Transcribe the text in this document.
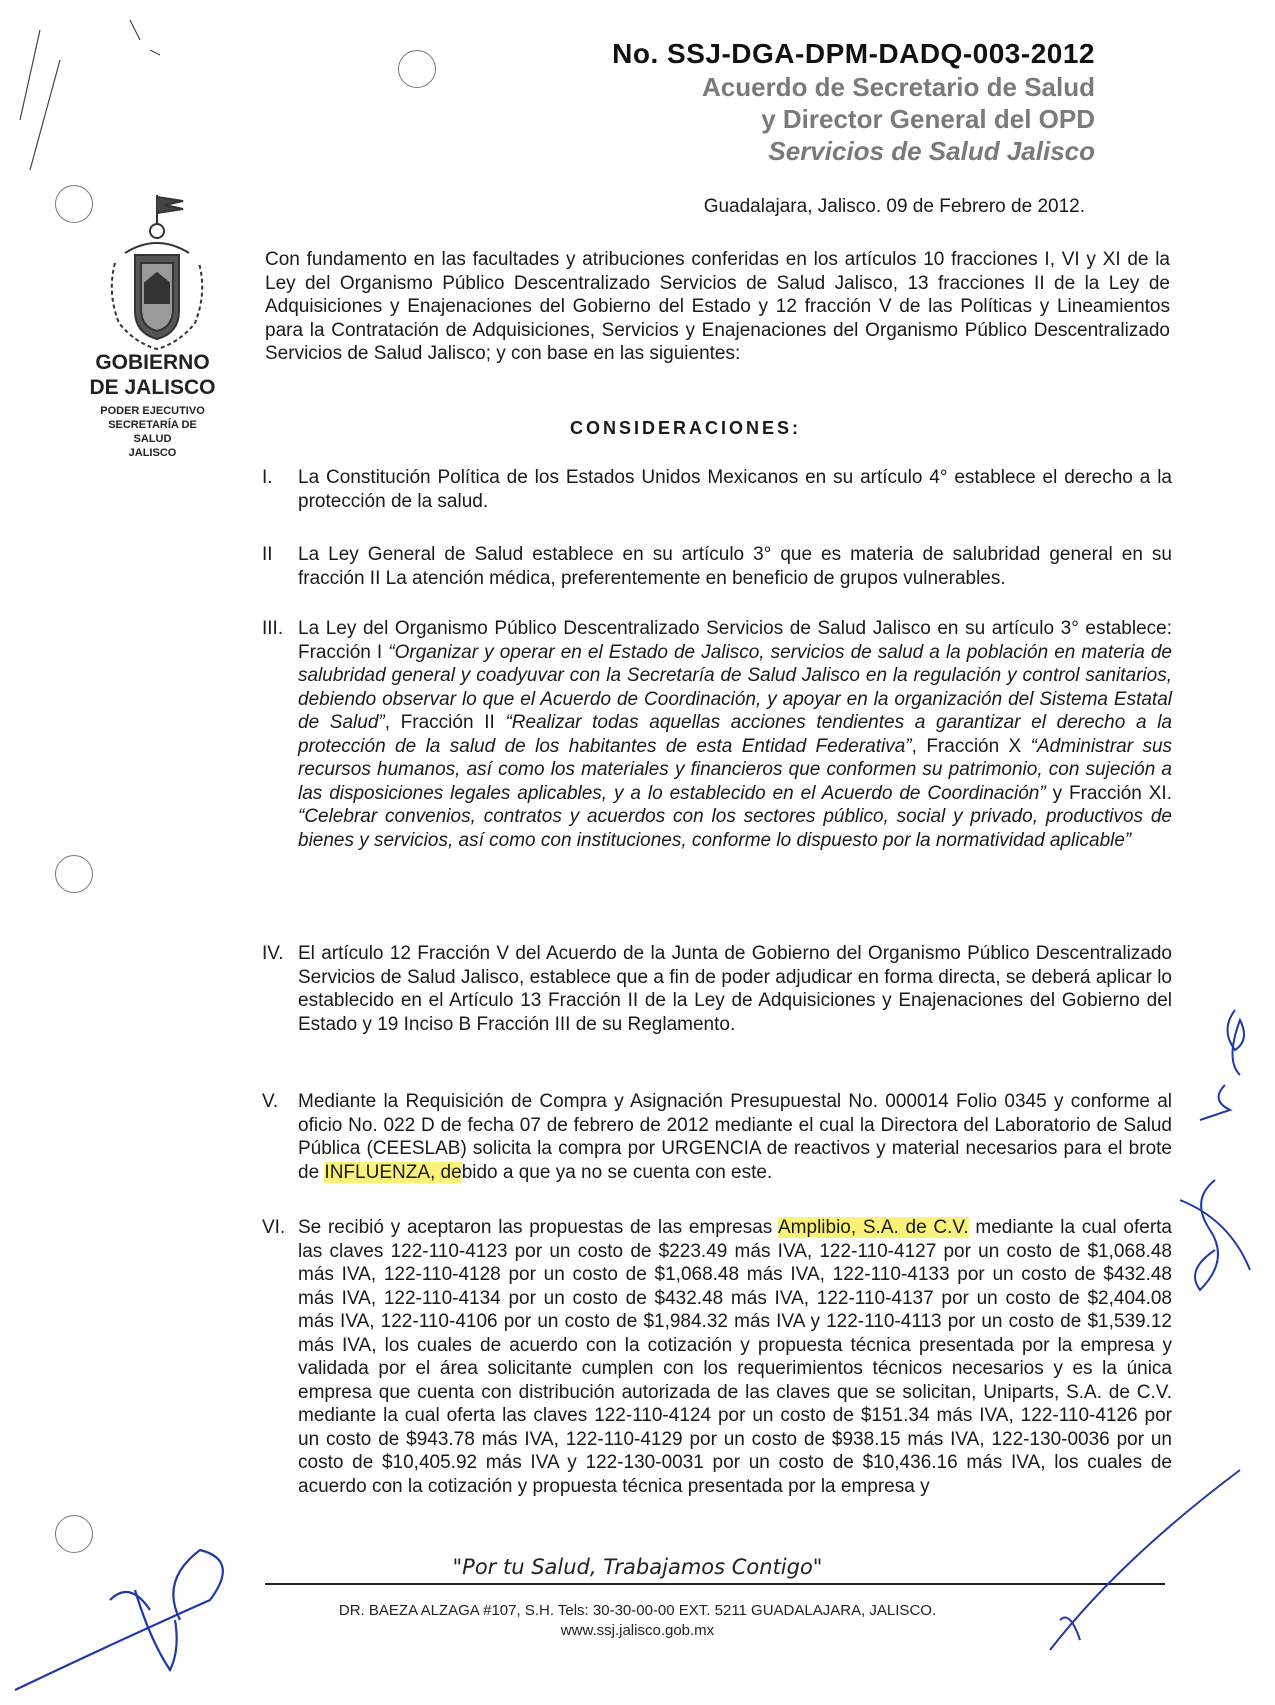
No. SSJ-DGA-DPM-DADQ-003-2012
Acuerdo de Secretario de Salud
y Director General del OPD
Servicios de Salud Jalisco
GOBIERNO
DE JALISCO
PODER EJECUTIVO
SECRETARÍA DE
SALUD
JALISCO
Guadalajara, Jalisco. 09 de Febrero de 2012.
Con fundamento en las facultades y atribuciones conferidas en los artículos 10 fracciones I, VI y XI de la Ley del Organismo Público Descentralizado Servicios de Salud Jalisco, 13 fracciones II de la Ley de Adquisiciones y Enajenaciones del Gobierno del Estado y 12 fracción V de las Políticas y Lineamientos para la Contratación de Adquisiciones, Servicios y Enajenaciones del Organismo Público Descentralizado Servicios de Salud Jalisco; y con base en las siguientes:
CONSIDERACIONES:
I.	La Constitución Política de los Estados Unidos Mexicanos en su artículo 4° establece el derecho a la protección de la salud.
II	La Ley General de Salud establece en su artículo 3° que es materia de salubridad general en su fracción II La atención médica, preferentemente en beneficio de grupos vulnerables.
III. La Ley del Organismo Público Descentralizado Servicios de Salud Jalisco en su artículo 3° establece: Fracción I “Organizar y operar en el Estado de Jalisco, servicios de salud a la población en materia de salubridad general y coadyuvar con la Secretaría de Salud Jalisco en la regulación y control sanitarios, debiendo observar lo que el Acuerdo de Coordinación, y apoyar en la organización del Sistema Estatal de Salud”, Fracción II “Realizar todas aquellas acciones tendientes a garantizar el derecho a la protección de la salud de los habitantes de esta Entidad Federativa”, Fracción X “Administrar sus recursos humanos, así como los materiales y financieros que conformen su patrimonio, con sujeción a las disposiciones legales aplicables, y a lo establecido en el Acuerdo de Coordinación” y Fracción XI. “Celebrar convenios, contratos y acuerdos con los sectores público, social y privado, productivos de bienes y servicios, así como con instituciones, conforme lo dispuesto por la normatividad aplicable”
IV. El artículo 12 Fracción V del Acuerdo de la Junta de Gobierno del Organismo Público Descentralizado Servicios de Salud Jalisco, establece que a fin de poder adjudicar en forma directa, se deberá aplicar lo establecido en el Artículo 13 Fracción II de la Ley de Adquisiciones y Enajenaciones del Gobierno del Estado y 19 Inciso B Fracción III de su Reglamento.
V.	Mediante la Requisición de Compra y Asignación Presupuestal No. 000014 Folio 0345 y conforme al oficio No. 022 D de fecha 07 de febrero de 2012 mediante el cual la Directora del Laboratorio de Salud Pública (CEESLAB) solicita la compra por URGENCIA de reactivos y material necesarios para el brote de INFLUENZA, debido a que ya no se cuenta con este.
VI. Se recibió y aceptaron las propuestas de las empresas Amplibio, S.A. de C.V. mediante la cual oferta las claves 122-110-4123 por un costo de $223.49 más IVA, 122-110-4127 por un costo de $1,068.48 más IVA, 122-110-4128 por un costo de $1,068.48 más IVA, 122-110-4133 por un costo de $432.48 más IVA, 122-110-4134 por un costo de $432.48 más IVA, 122-110-4137 por un costo de $2,404.08 más IVA, 122-110-4106 por un costo de $1,984.32 más IVA y 122-110-4113 por un costo de $1,539.12 más IVA, los cuales de acuerdo con la cotización y propuesta técnica presentada por la empresa y validada por el área solicitante cumplen con los requerimientos técnicos necesarios y es la única empresa que cuenta con distribución autorizada de las claves que se solicitan, Uniparts, S.A. de C.V. mediante la cual oferta las claves 122-110-4124 por un costo de $151.34 más IVA, 122-110-4126 por un costo de $943.78 más IVA, 122-110-4129 por un costo de $938.15 más IVA, 122-130-0036 por un costo de $10,405.92 más IVA y 122-130-0031 por un costo de $10,436.16 más IVA, los cuales de acuerdo con la cotización y propuesta técnica presentada por la empresa y
"Por tu Salud, Trabajamos Contigo"
DR. BAEZA ALZAGA #107, S.H. Tels: 30-30-00-00 EXT. 5211 GUADALAJARA, JALISCO.
www.ssj.jalisco.gob.mx
